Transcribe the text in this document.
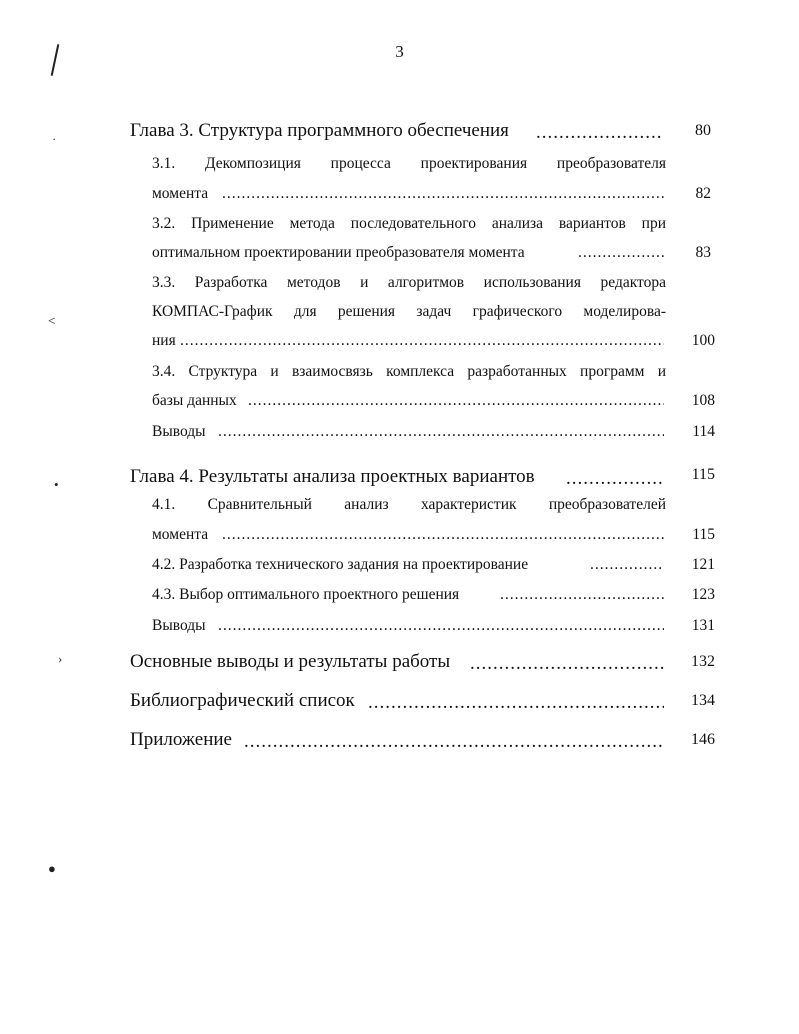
3
˙
˂
•
›
●
Глава 3. Структура программного обеспечения .....	80
3.1. Декомпозиция процесса проектирования преобразователя
момента .....	82
3.2. Применение метода последовательного анализа вариантов при
оптимальном проектировании преобразователя момента .....	83
3.3. Разработка методов и алгоритмов использования редактора
КОМПАС-График для решения задач графического моделирова-
ния .....	100
3.4. Структура и взаимосвязь комплекса разработанных программ и
базы данных .....	108
Выводы .....	114
Глава 4. Результаты анализа проектных вариантов .....	115
4.1. Сравнительный анализ характеристик преобразователей
момента .....	115
4.2. Разработка технического задания на проектирование .....	121
4.3. Выбор оптимального проектного решения .....	123
Выводы .....	131
Основные выводы и результаты работы .....	132
Библиографический список .....	134
Приложение .....	146
